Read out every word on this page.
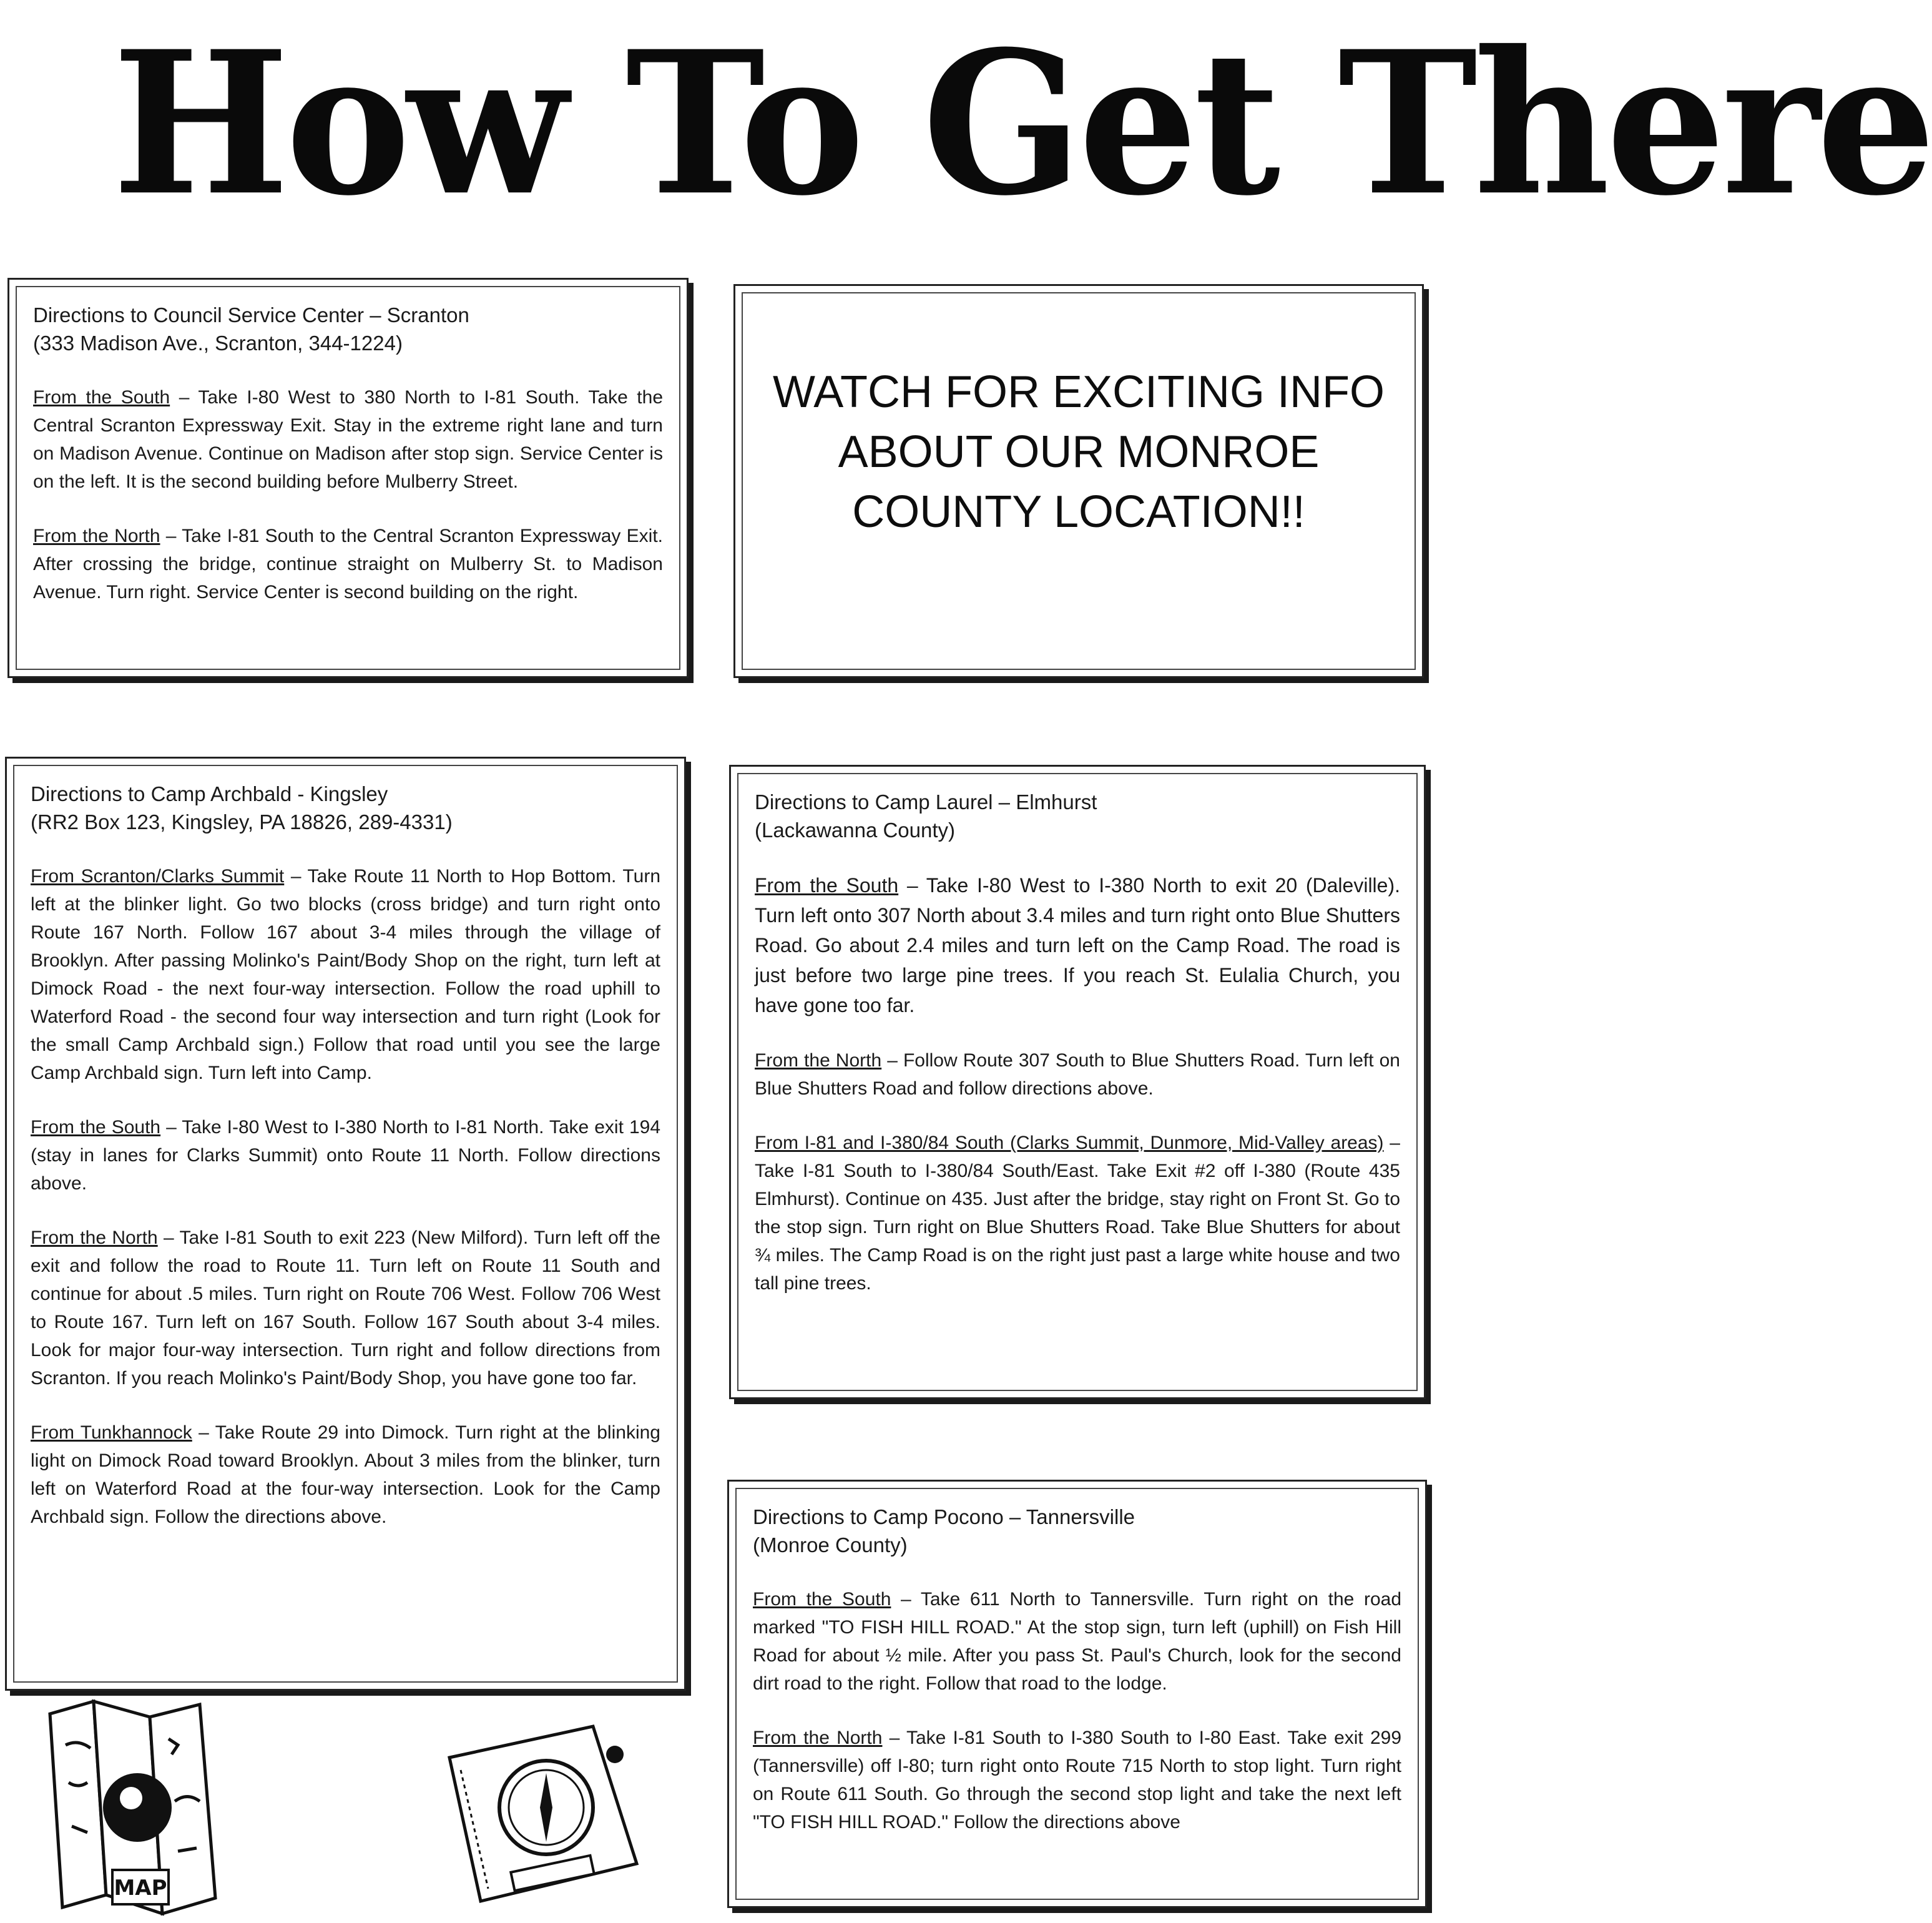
How To Get There

Directions to Council Service Center – Scranton

(333 Madison Ave., Scranton, 344-1224)

From the South – Take I-80 West to 380 North to I-81 South. Take the Central Scranton Expressway Exit. Stay in the extreme right lane and turn on Madison Avenue. Continue on Madison after stop sign. Service Center is on the left. It is the second building before Mulberry Street.

From the North – Take I-81 South to the Central Scranton Expressway Exit. After crossing the bridge, continue straight on Mulberry St. to Madison Avenue. Turn right. Service Center is second building on the right.

WATCH FOR EXCITING INFO ABOUT OUR MONROE COUNTY LOCATION!!

Directions to Camp Archbald - Kingsley

(RR2 Box 123, Kingsley, PA 18826, 289-4331)

From Scranton/Clarks Summit – Take Route 11 North to Hop Bottom. Turn left at the blinker light. Go two blocks (cross bridge) and turn right onto Route 167 North. Follow 167 about 3-4 miles through the village of Brooklyn. After passing Molinko's Paint/Body Shop on the right, turn left at Dimock Road - the next four-way intersection. Follow the road uphill to Waterford Road - the second four way intersection and turn right (Look for the small Camp Archbald sign.) Follow that road until you see the large Camp Archbald sign. Turn left into Camp.

From the South – Take I-80 West to I-380 North to I-81 North. Take exit 194 (stay in lanes for Clarks Summit) onto Route 11 North. Follow directions above.

From the North – Take I-81 South to exit 223 (New Milford). Turn left off the exit and follow the road to Route 11. Turn left on Route 11 South and continue for about .5 miles. Turn right on Route 706 West. Follow 706 West to Route 167. Turn left on 167 South. Follow 167 South about 3-4 miles. Look for major four-way intersection. Turn right and follow directions from Scranton. If you reach Molinko's Paint/Body Shop, you have gone too far.

From Tunkhannock – Take Route 29 into Dimock. Turn right at the blinking light on Dimock Road toward Brooklyn. About 3 miles from the blinker, turn left on Waterford Road at the four-way intersection. Look for the Camp Archbald sign. Follow the directions above.

Directions to Camp Laurel – Elmhurst

(Lackawanna County)

From the South – Take I-80 West to I-380 North to exit 20 (Daleville). Turn left onto 307 North about 3.4 miles and turn right onto Blue Shutters Road. Go about 2.4 miles and turn left on the Camp Road. The road is just before two large pine trees. If you reach St. Eulalia Church, you have gone too far.

From the North – Follow Route 307 South to Blue Shutters Road. Turn left on Blue Shutters Road and follow directions above.

From I-81 and I-380/84 South (Clarks Summit, Dunmore, Mid-Valley areas) – Take I-81 South to I-380/84 South/East. Take Exit #2 off I-380 (Route 435 Elmhurst). Continue on 435. Just after the bridge, stay right on Front St. Go to the stop sign. Turn right on Blue Shutters Road. Take Blue Shutters for about ¾ miles. The Camp Road is on the right just past a large white house and two tall pine trees.

Directions to Camp Pocono – Tannersville

(Monroe County)

From the South – Take 611 North to Tannersville. Turn right on the road marked "TO FISH HILL ROAD." At the stop sign, turn left (uphill) on Fish Hill Road for about ½ mile. After you pass St. Paul's Church, look for the second dirt road to the right. Follow that road to the lodge.

From the North – Take I-81 South to I-380 South to I-80 East. Take exit 299 (Tannersville) off I-80; turn right onto Route 715 North to stop light. Turn right on Route 611 South. Go through the second stop light and take the next left "TO FISH HILL ROAD." Follow the directions above

MAP
